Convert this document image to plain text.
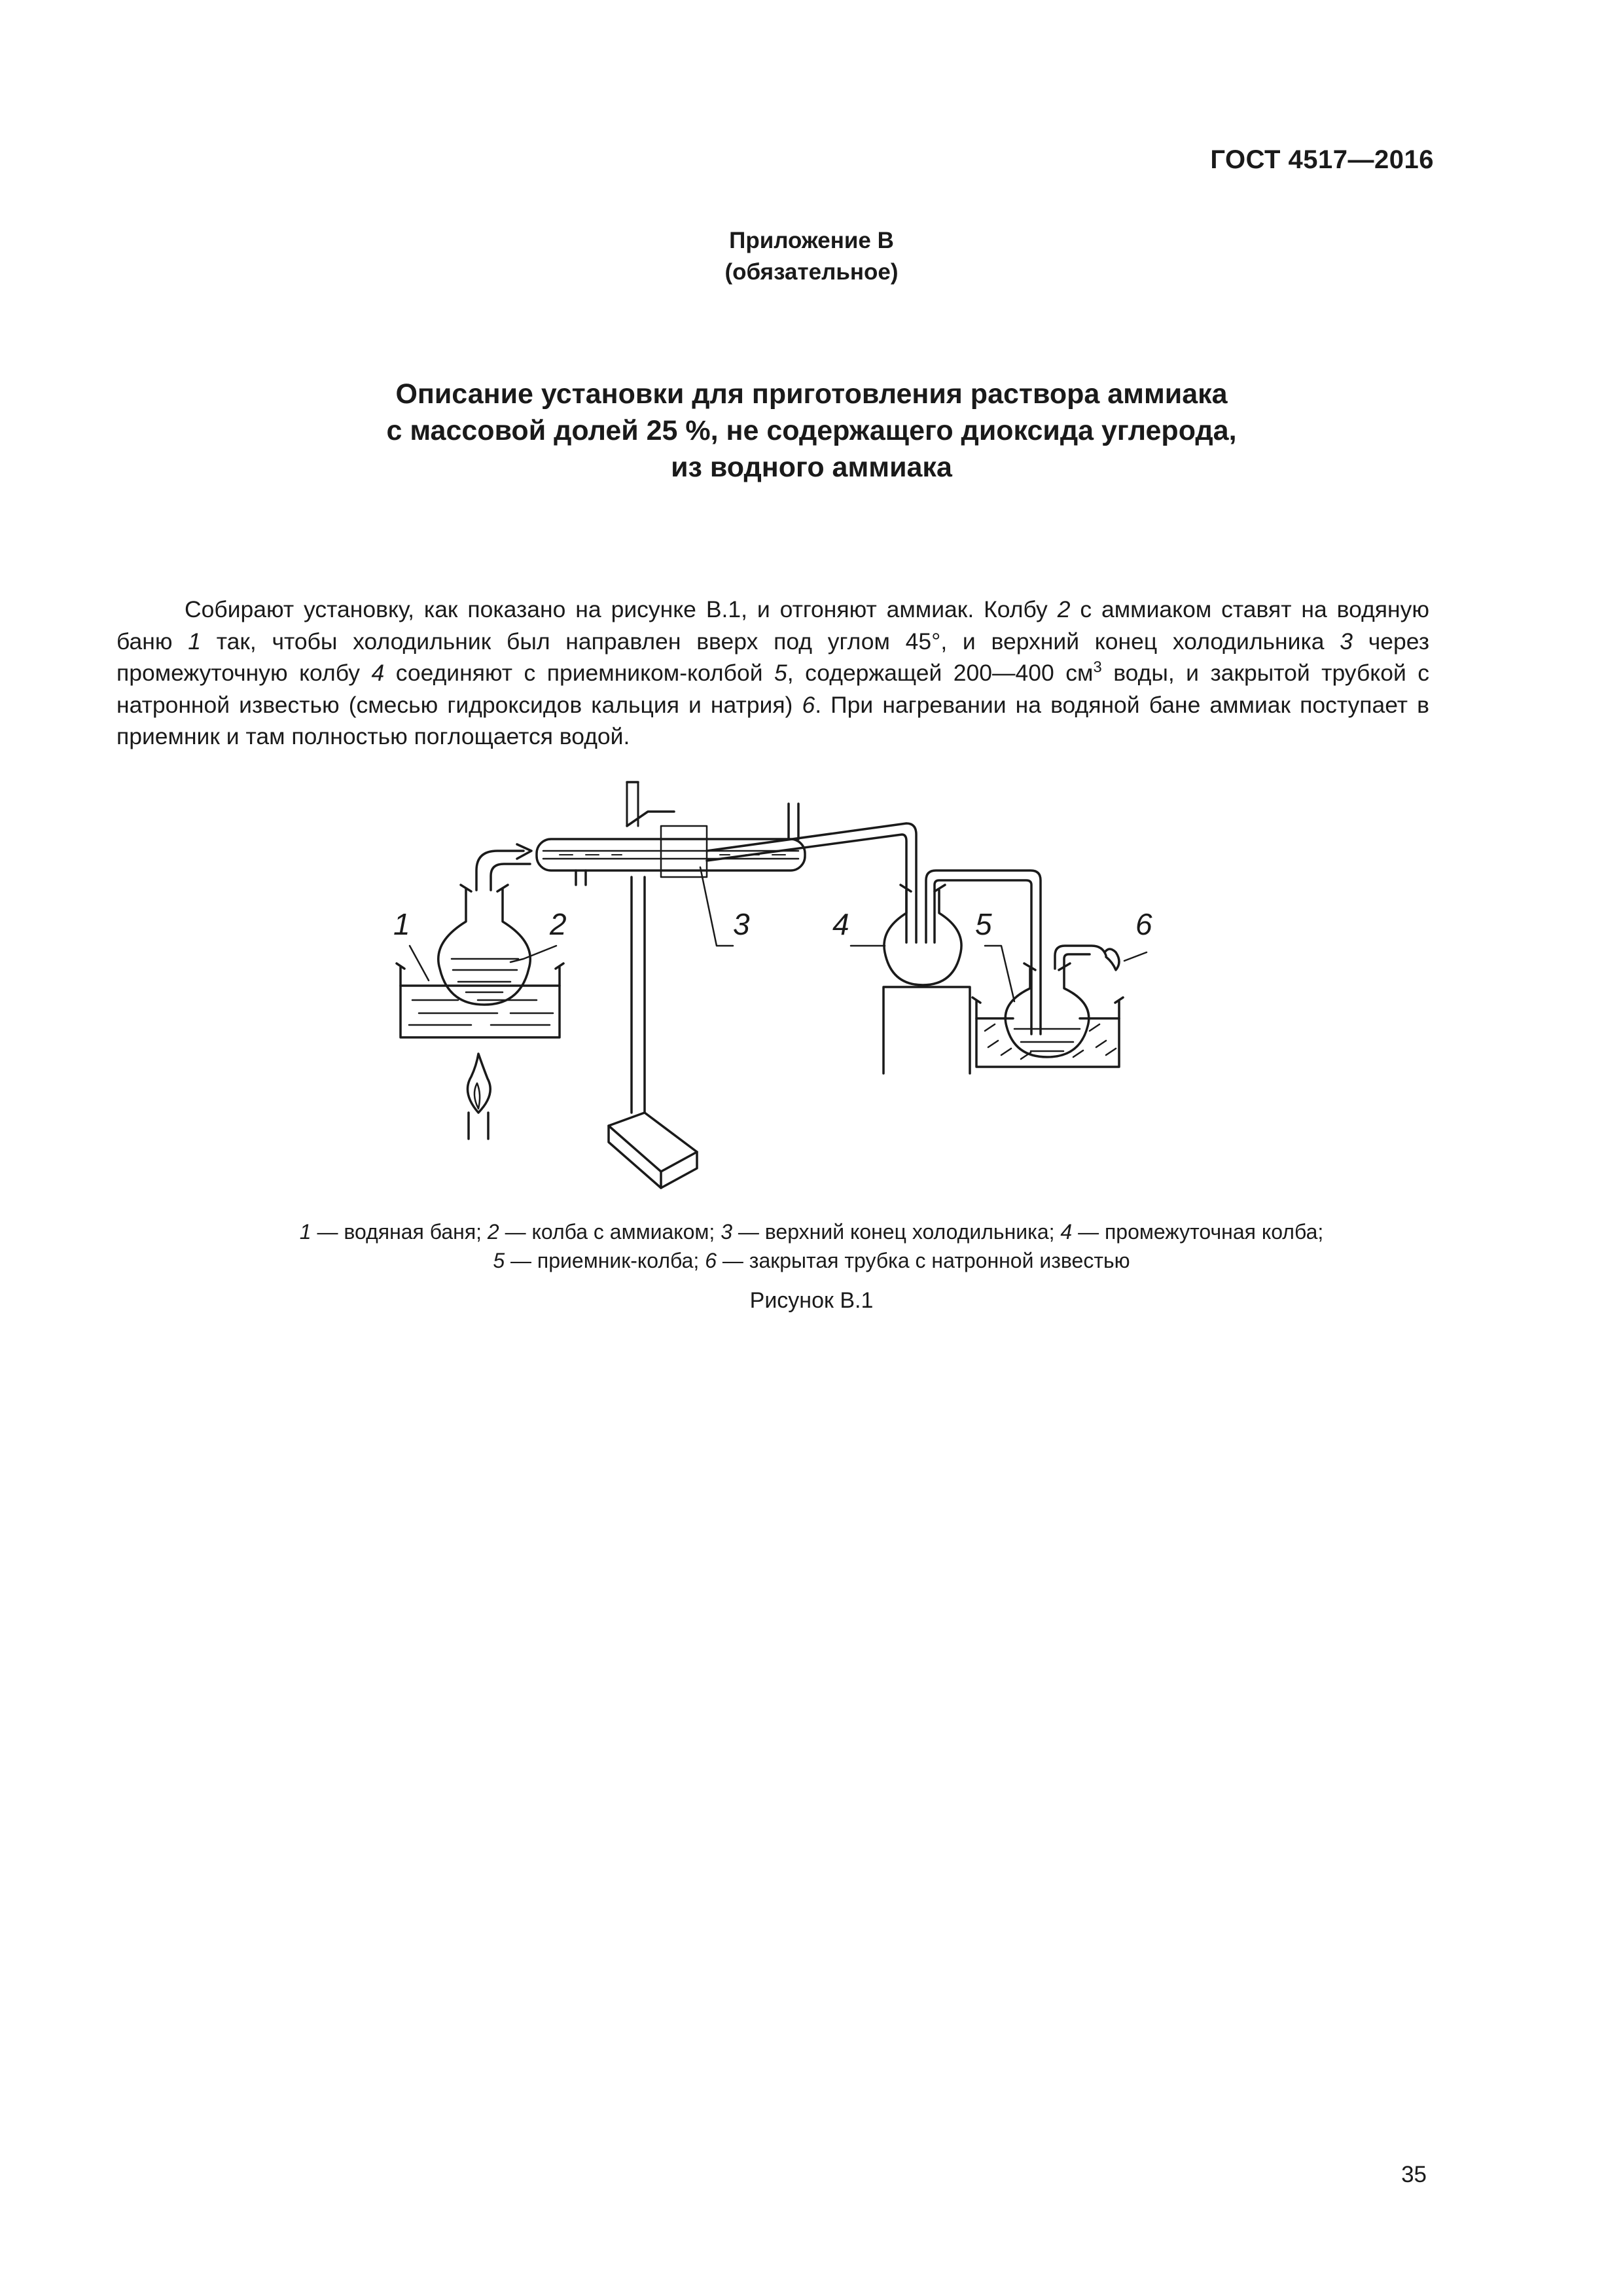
ГОСТ 4517—2016
Приложение В
(обязательное)
Описание установки для приготовления раствора аммиака
с массовой долей 25 %, не содержащего диоксида углерода,
из водного аммиака

Собирают установку, как показано на рисунке В.1, и отгоняют аммиак. Колбу 2 с аммиаком ставят на водяную баню 1 так, чтобы холодильник был направлен вверх под углом 45°, и верхний конец холодильника 3 через промежуточную колбу 4 соединяют с приемником-колбой 5, содержащей 200—400 $см^3$ воды, и закрытой трубкой с натронной известью (смесью гидроксидов кальция и натрия) 6. При нагревании на водяной бане аммиак поступает в приемник и там полностью поглощается водой.

1	2	3	4	5	6
1 — водяная баня; 2 — колба с аммиаком; 3 — верхний конец холодильника; 4 — промежуточная колба;
5 — приемник-колба; 6 — закрытая трубка с натронной известью
Рисунок В.1
35
